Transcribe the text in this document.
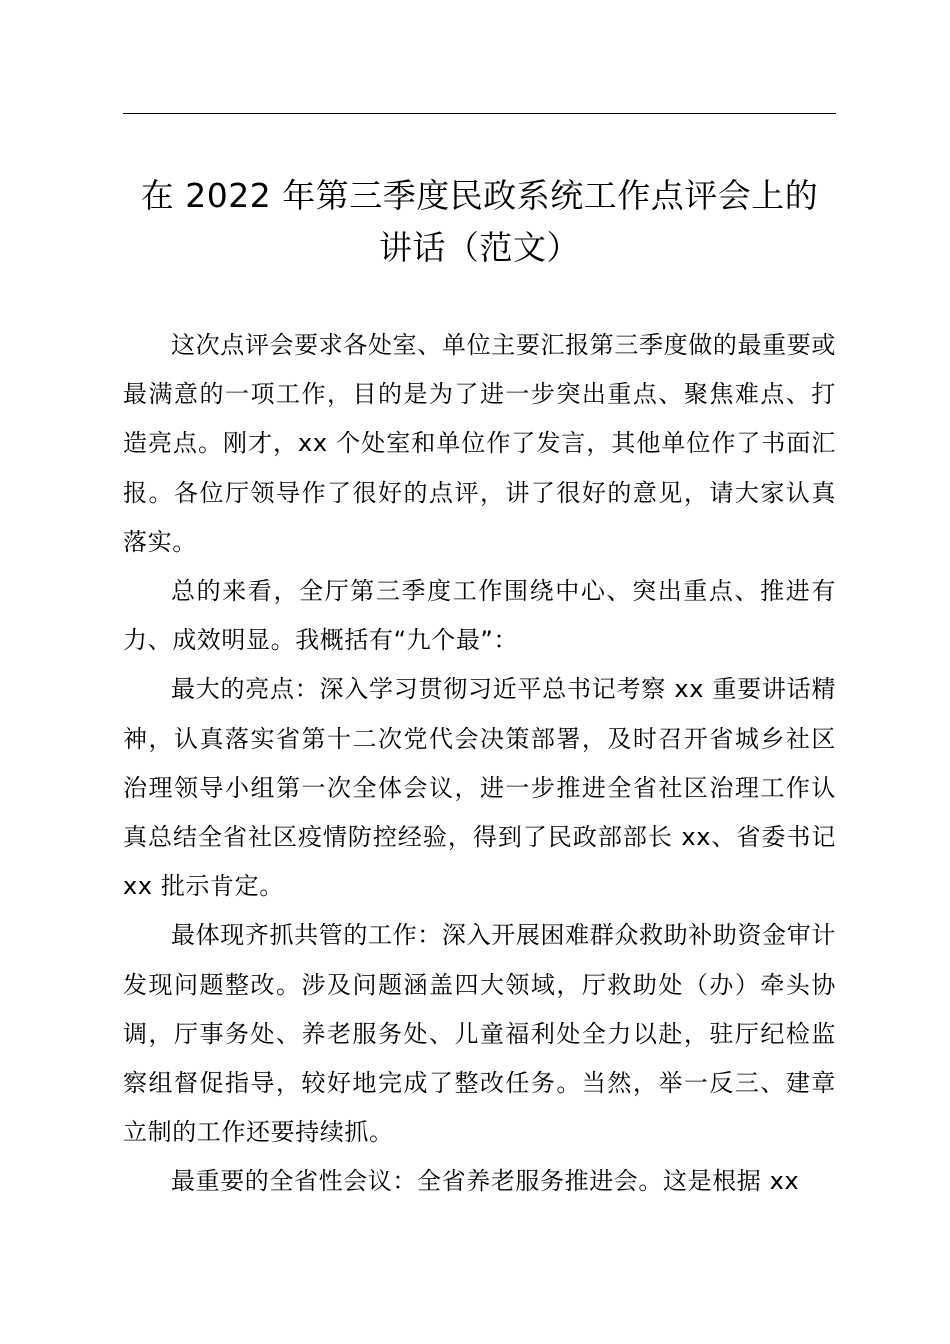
在 2022 年第三季度民政系统工作点评会上的
讲话（范文）

这次点评会要求各处室、单位主要汇报第三季度做的最重要或最满意的一项工作，目的是为了进一步突出重点、聚焦难点、打造亮点。刚才，xx 个处室和单位作了发言，其他单位作了书面汇报。各位厅领导作了很好的点评，讲了很好的意见，请大家认真落实。

总的来看，全厅第三季度工作围绕中心、突出重点、推进有力、成效明显。我概括有“九个最”：

最大的亮点：深入学习贯彻习近平总书记考察 xx 重要讲话精神，认真落实省第十二次党代会决策部署，及时召开省城乡社区治理领导小组第一次全体会议，进一步推进全省社区治理工作认真总结全省社区疫情防控经验，得到了民政部部长 xx、省委书记 xx 批示肯定。

最体现齐抓共管的工作：深入开展困难群众救助补助资金审计发现问题整改。涉及问题涵盖四大领域，厅救助处（办）牵头协调，厅事务处、养老服务处、儿童福利处全力以赴，驻厅纪检监察组督促指导，较好地完成了整改任务。当然，举一反三、建章立制的工作还要持续抓。

最重要的全省性会议：全省养老服务推进会。这是根据 xx
